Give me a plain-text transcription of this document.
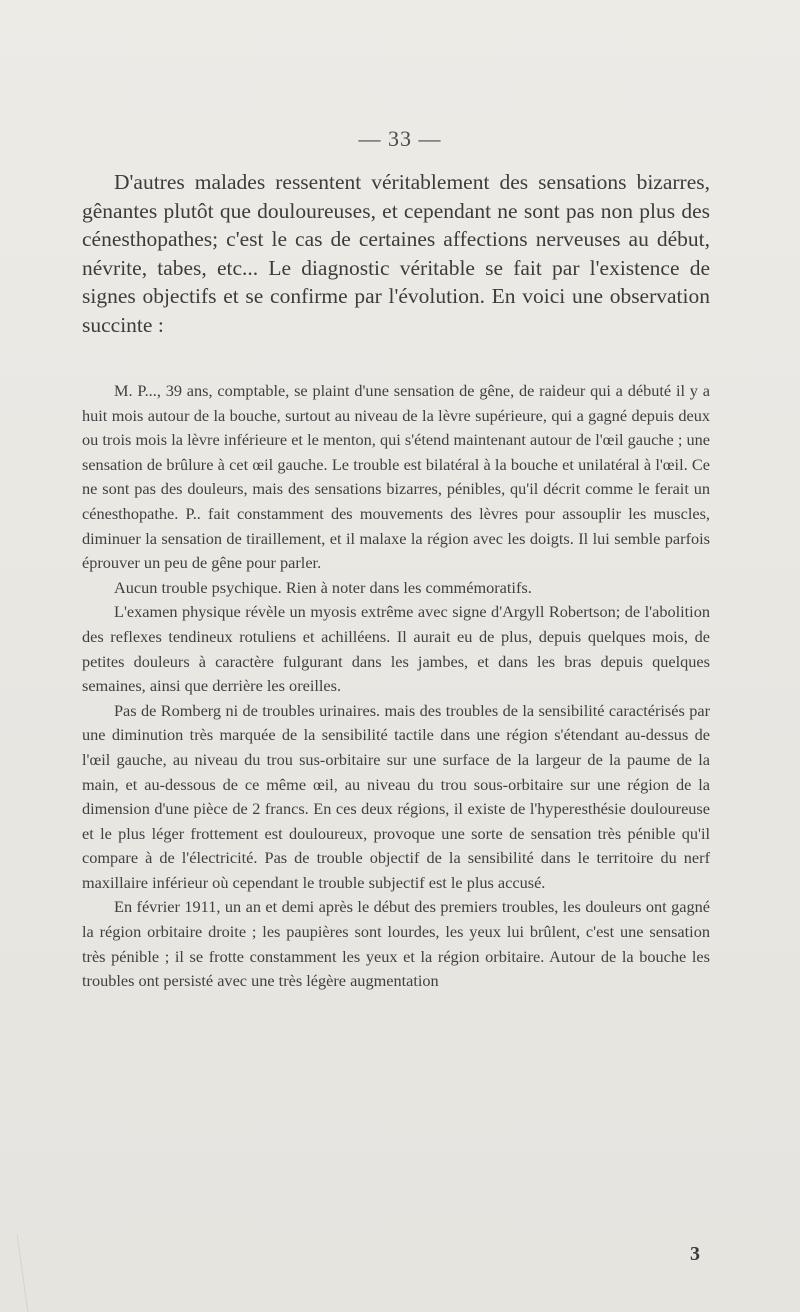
— 33 —

D'autres malades ressentent véritablement des sensations bizarres, gênantes plutôt que douloureuses, et cependant ne sont pas non plus des cénesthopathes; c'est le cas de certaines affections nerveuses au début, névrite, tabes, etc... Le diagnostic véritable se fait par l'existence de signes objectifs et se confirme par l'évolution. En voici une observation succinte :

M. P..., 39 ans, comptable, se plaint d'une sensation de gêne, de raideur qui a débuté il y a huit mois autour de la bouche, surtout au niveau de la lèvre supérieure, qui a gagné depuis deux ou trois mois la lèvre inférieure et le menton, qui s'étend maintenant autour de l'œil gauche ; une sensation de brûlure à cet œil gauche. Le trouble est bilatéral à la bouche et unilatéral à l'œil. Ce ne sont pas des douleurs, mais des sensations bizarres, pénibles, qu'il décrit comme le ferait un cénesthopathe. P.. fait constamment des mouvements des lèvres pour assouplir les muscles, diminuer la sensation de tiraillement, et il malaxe la région avec les doigts. Il lui semble parfois éprouver un peu de gêne pour parler.

Aucun trouble psychique. Rien à noter dans les commémoratifs.

L'examen physique révèle un myosis extrême avec signe d'Argyll Robertson; de l'abolition des reflexes tendineux rotuliens et achilléens. Il aurait eu de plus, depuis quelques mois, de petites douleurs à caractère fulgurant dans les jambes, et dans les bras depuis quelques semaines, ainsi que derrière les oreilles.

Pas de Romberg ni de troubles urinaires. mais des troubles de la sensibilité caractérisés par une diminution très marquée de la sensibilité tactile dans une région s'étendant au-dessus de l'œil gauche, au niveau du trou sus-orbitaire sur une surface de la largeur de la paume de la main, et au-dessous de ce même œil, au niveau du trou sous-orbitaire sur une région de la dimension d'une pièce de 2 francs. En ces deux régions, il existe de l'hyperesthésie douloureuse et le plus léger frottement est douloureux, provoque une sorte de sensation très pénible qu'il compare à de l'électricité. Pas de trouble objectif de la sensibilité dans le territoire du nerf maxillaire inférieur où cependant le trouble subjectif est le plus accusé.

En février 1911, un an et demi après le début des premiers troubles, les douleurs ont gagné la région orbitaire droite ; les paupières sont lourdes, les yeux lui brûlent, c'est une sensation très pénible ; il se frotte constamment les yeux et la région orbitaire. Autour de la bouche les troubles ont persisté avec une très légère augmentation

3
